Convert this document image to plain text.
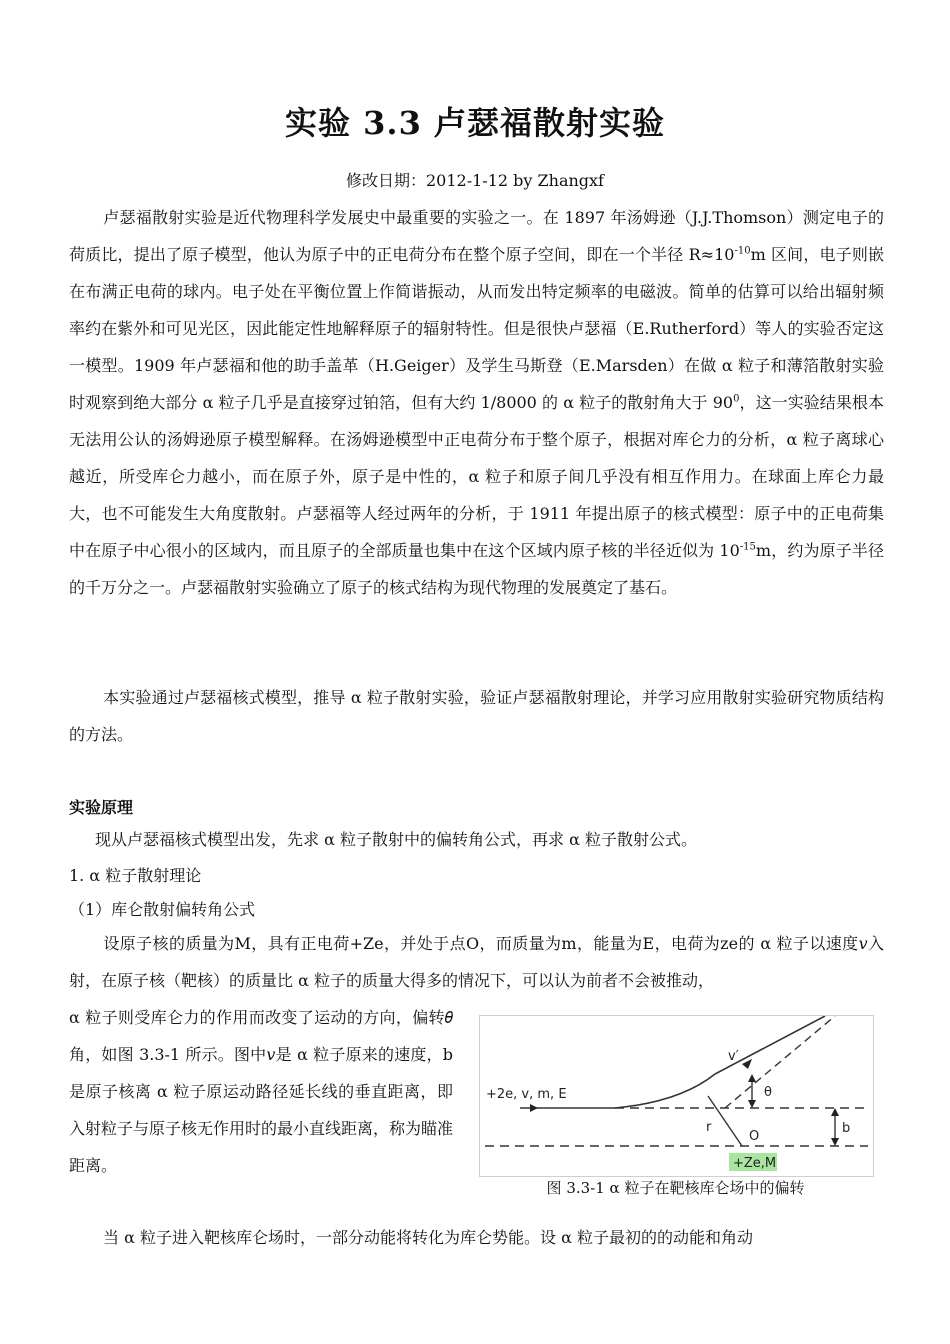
实验 3.3 卢瑟福散射实验
修改日期：2012-1-12 by Zhangxf

卢瑟福散射实验是近代物理科学发展史中最重要的实验之一。在 1897 年汤姆逊（J.J.Thomson）测定电子的荷质比，提出了原子模型，他认为原子中的正电荷分布在整个原子空间，即在一个半径 $R\approx 10^{-10}m$ 区间，电子则嵌在布满正电荷的球内。电子处在平衡位置上作简谐振动，从而发出特定频率的电磁波。简单的估算可以给出辐射频率约在紫外和可见光区，因此能定性地解释原子的辐射特性。但是很快卢瑟福（E.Rutherford）等人的实验否定这一模型。1909 年卢瑟福和他的助手盖革（H.Geiger）及学生马斯登（E.Marsden）在做 α 粒子和薄箔散射实验时观察到绝大部分 α 粒子几乎是直接穿过铂箔，但有大约 1/8000 的 α 粒子的散射角大于 $90^0$，这一实验结果根本无法用公认的汤姆逊原子模型解释。在汤姆逊模型中正电荷分布于整个原子，根据对库仑力的分析，α 粒子离球心越近，所受库仑力越小，而在原子外，原子是中性的，α 粒子和原子间几乎没有相互作用力。在球面上库仑力最大，也不可能发生大角度散射。卢瑟福等人经过两年的分析，于 1911 年提出原子的核式模型：原子中的正电荷集中在原子中心很小的区域内，而且原子的全部质量也集中在这个区域内原子核的半径近似为 $10^{-15}m$，约为原子半径的千万分之一。卢瑟福散射实验确立了原子的核式结构为现代物理的发展奠定了基石。

本实验通过卢瑟福核式模型，推导 α 粒子散射实验，验证卢瑟福散射理论，并学习应用散射实验研究物质结构的方法。

实验原理
现从卢瑟福核式模型出发，先求 α 粒子散射中的偏转角公式，再求 α 粒子散射公式。
1. α 粒子散射理论
（1）库仑散射偏转角公式

设原子核的质量为M，具有正电荷+Ze，并处于点O，而质量为m，能量为E，电荷为ze的 α 粒子以速度𝑣入射，在原子核（靶核）的质量比 α 粒子的质量大得多的情况下，可以认为前者不会被推动，

α 粒子则受库仑力的作用而改变了运动的方向，偏转𝜃角，如图 3.3-1 所示。图中𝑣是 α 粒子原来的速度，b是原子核离 α 粒子原运动路径延长线的垂直距离，即入射粒子与原子核无作用时的最小直线距离，称为瞄准距离。

+2e, v, m, E
v′
θ
r
O
b
+Ze,M
图 3.3-1 α 粒子在靶核库仑场中的偏转

当 α 粒子进入靶核库仑场时，一部分动能将转化为库仑势能。设 α 粒子最初的的动能和角动
